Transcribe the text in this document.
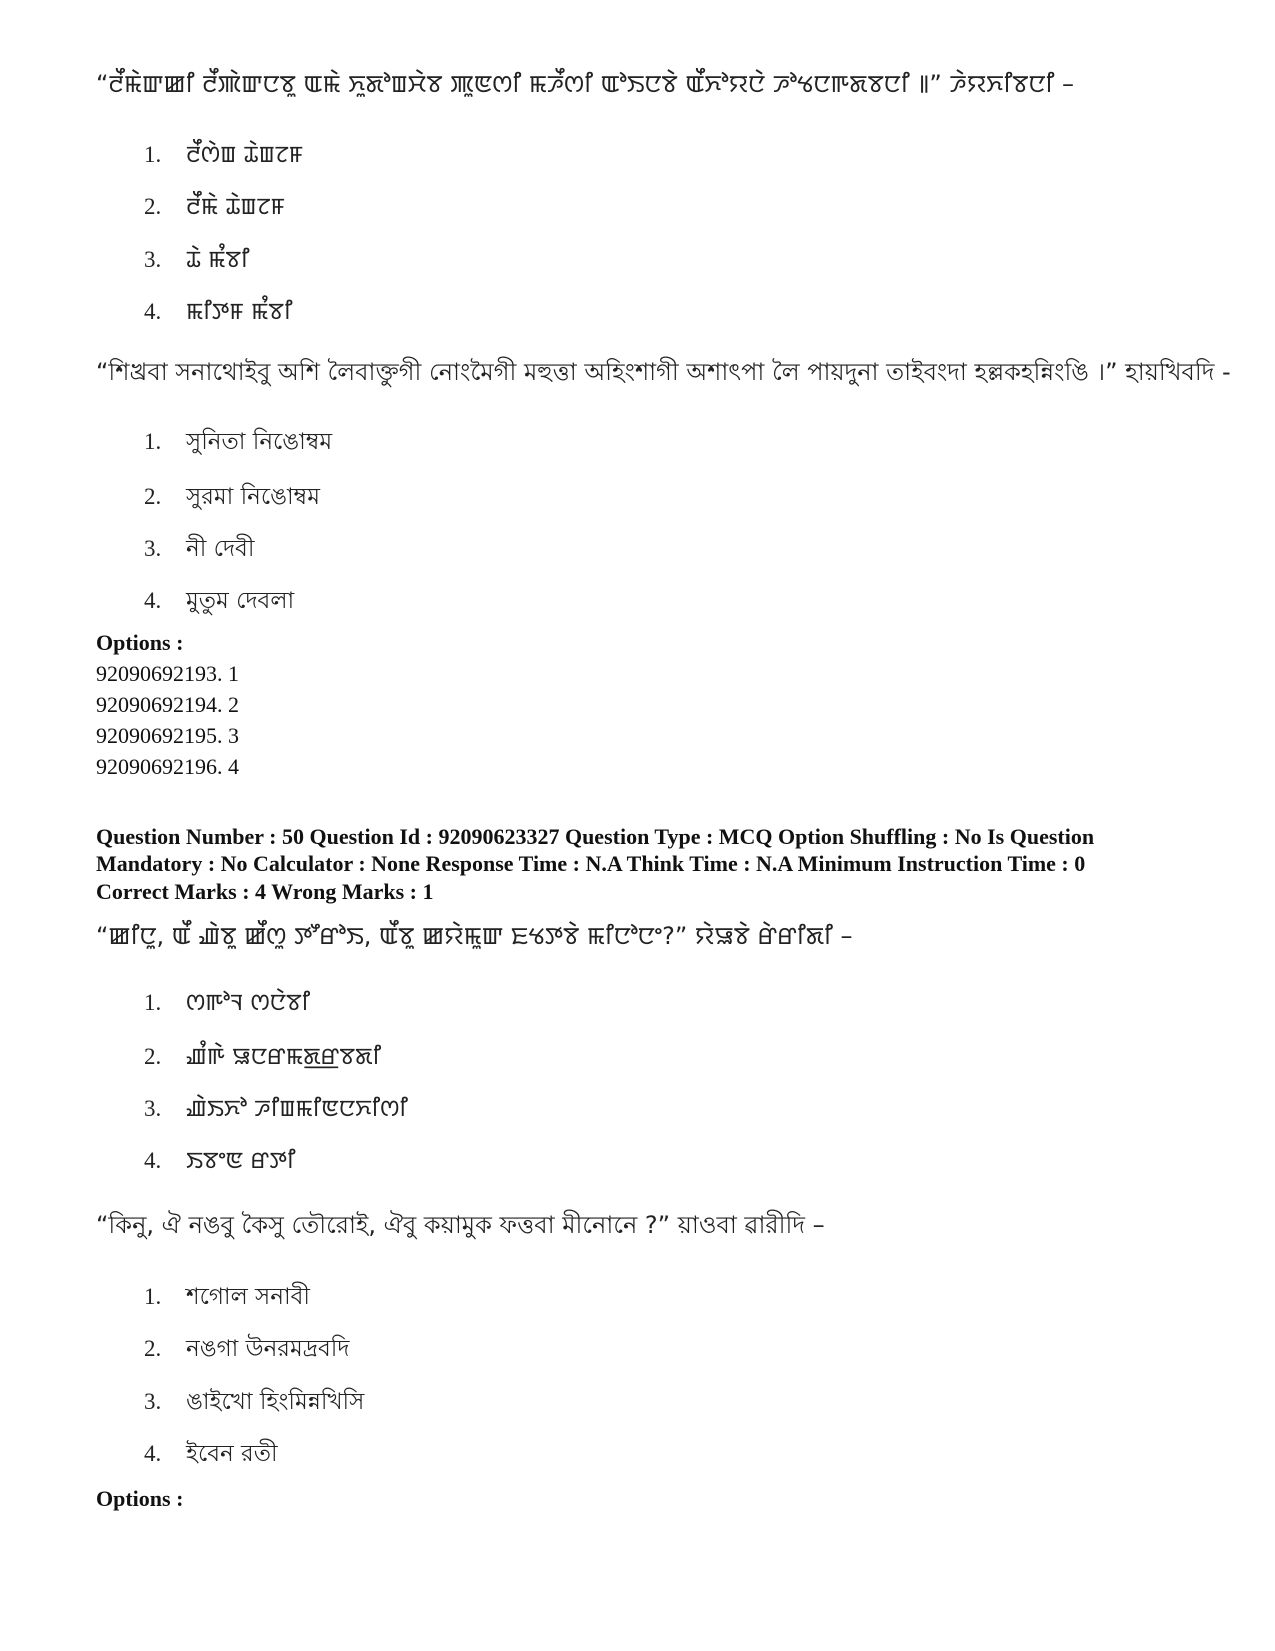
“ꯂꯩꯃꯥꯛꯀꯤ ꯂꯩꯄꯥꯛꯅꯕꯨ ꯑꯃꯥ ꯈꯨꯗꯣꯡꯆꯥꯕ ꯄꯨꯟꯁꯤ ꯃꯍꯩꯁꯤ ꯑꯣꯏꯅꯕꯥ ꯑꯩꯈꯣꯌꯅꯥ ꯍꯣꯠꯅꯒꯗꯕꯅꯤ ꯫” ꯍꯥꯌꯈꯤꯕꯅꯤ –
1. ꯂꯩꯁꯥꯡ ꯊꯥꯡꯖꯝ
2. ꯂꯩꯃꯥ ꯊꯥꯡꯖꯝ
3. ꯊꯥ ꯃꯪꯕꯤ
4. ꯃꯤꯇꯝ ꯃꯪꯕꯤ
“শিখ্রবা সনাথোইবু অশি লৈবাক্তুগী নোংমৈগী মহুত্তা অহিংশাগী অশাৎপা লৈ পায়দুনা তাইবংদা হল্লকহন্নিংঙি ।” হায়খিবদি -
1. সুনিতা নিঙোম্বম
2. সুরমা নিঙোম্বম
3. নী দেবী
4. মুতুম দেবলা
Options :
92090692193. 1
92090692194. 2
92090692195. 3
92090692196. 4
Question Number : 50 Question Id : 92090623327 Question Type : MCQ Option Shuffling : No Is Question
Mandatory : No Calculator : None Response Time : N.A Think Time : N.A Minimum Instruction Time : 0
Correct Marks : 4 Wrong Marks : 1
“ꯀꯤꯅꯨ, ꯑꯩ ꯉꯥꯕꯨ ꯀꯩꯁꯨ ꯇꯧꯔꯣꯏ, ꯑꯩꯕꯨ ꯀꯌꯥꯃꯨꯛ ꯐꯠꯇꯕꯥ ꯃꯤꯅꯣꯅꯦ?” ꯌꯥꯎꯕꯥ ꯔꯥꯔꯤꯗꯤ –
1. ꯁꯒꯣꯜ ꯁꯅꯥꯕꯤ
2. ꯉꯪꯒꯥ ꯎꯅꯔꯃꯗ꯭ꯔꯕꯗꯤ
3. ꯉꯥꯏꯈꯣ ꯍꯤꯡꯃꯤꯟꯅꯈꯤꯁꯤ
4. ꯏꯕꯦꯟ ꯔꯇꯤ
“কিনু, ঐ নঙবু কৈসু তৌরোই, ঐবু কয়ামুক ফত্তবা মীনোনে ?” য়াওবা ৱারীদি –
1. শগোল সনাবী
2. নঙগা উনরমদ্রবদি
3. ঙাইখো হিংমিন্নখিসি
4. ইবেন রতী
Options :
